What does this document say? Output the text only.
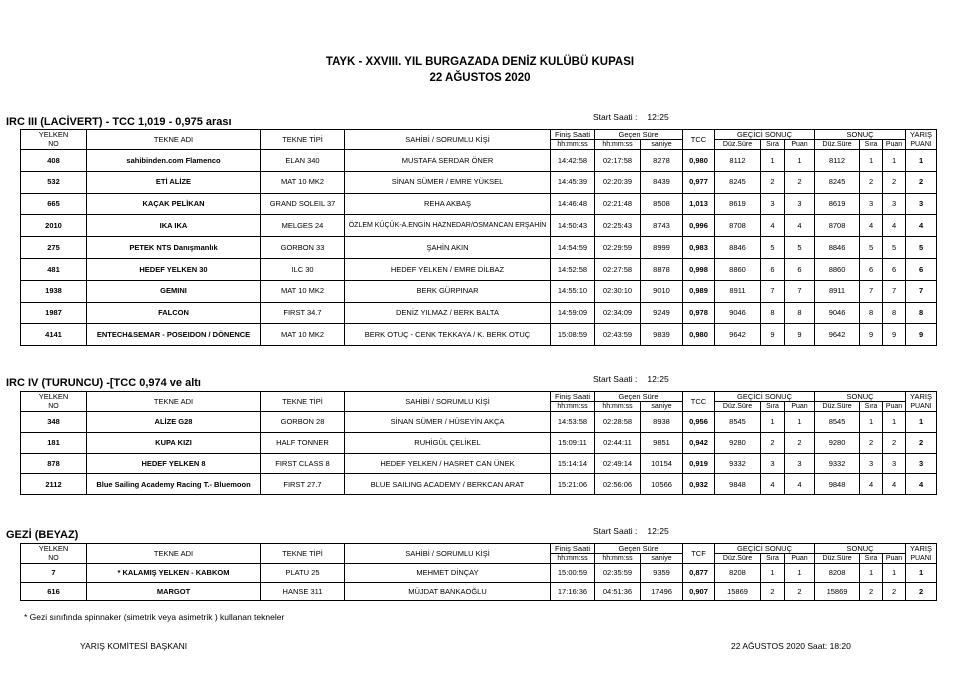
TAYK - XXVIII. YIL BURGAZADA DENİZ KULÜBÜ KUPASI
22 AĞUSTOS 2020
IRC III (LACİVERT) - TCC 1,019 - 0,975 arası	Start Saati : 12:25
YELKEN	TEKNE ADI	TEKNE TİPİ	SAHİBİ / SORUMLU KİŞİ	Finiş Saati	Geçen Süre		TCC	GEÇİCİ SONUÇ			SONUÇ			YARIŞ
NO				hh:mm:ss	hh:mm:ss	saniye		Düz.Süre	Sıra	Puan	Düz.Süre	Sıra	Puan	PUANI
408	sahibinden.com Flamenco	ELAN 340	MUSTAFA SERDAR ÖNER	14:42:58	02:17:58	8278	0,980	8112	1	1	8112	1	1	1
532	ETİ ALİZE	MAT 10 MK2	SİNAN SÜMER / EMRE YÜKSEL	14:45:39	02:20:39	8439	0,977	8245	2	2	8245	2	2	2
665	KAÇAK PELİKAN	GRAND SOLEIL 37	REHA AKBAŞ	14:46:48	02:21:48	8508	1,013	8619	3	3	8619	3	3	3
2010	IKA IKA	MELGES 24	ÖZLEM KÜÇÜK-A.ENGİN HAZNEDAR/OSMANCAN ERŞAHİN	14:50:43	02:25:43	8743	0,996	8708	4	4	8708	4	4	4
275	PETEK NTS Danışmanlık	GORBON 33	ŞAHİN AKIN	14:54:59	02:29:59	8999	0,983	8846	5	5	8846	5	5	5
481	HEDEF YELKEN 30	ILC 30	HEDEF YELKEN / EMRE DİLBAZ	14:52:58	02:27:58	8878	0,998	8860	6	6	8860	6	6	6
1938	GEMINI	MAT 10 MK2	BERK GÜRPINAR	14:55:10	02:30:10	9010	0,989	8911	7	7	8911	7	7	7
1987	FALCON	FIRST 34.7	DENİZ YILMAZ / BERK BALTA	14:59:09	02:34:09	9249	0,978	9046	8	8	9046	8	8	8
4141	ENTECH&SEMAR - POSEIDON / DÖNENCE	MAT 10 MK2	BERK OTUÇ - CENK TEKKAYA / K. BERK OTUÇ	15:08:59	02:43:59	9839	0,980	9642	9	9	9642	9	9	9
IRC IV (TURUNCU) -[TCC 0,974 ve altı	Start Saati : 12:25
YELKEN	TEKNE ADI	TEKNE TİPİ	SAHİBİ / SORUMLU KİŞİ	Finiş Saati	Geçen Süre		TCC	GEÇİCİ SONUÇ			SONUÇ			YARIŞ
NO				hh:mm:ss	hh:mm:ss	saniye		Düz.Süre	Sıra	Puan	Düz.Süre	Sıra	Puan	PUANI
348	ALİZE G28	GORBON 28	SİNAN SÜMER / HÜSEYİN AKÇA	14:53:58	02:28:58	8938	0,956	8545	1	1	8545	1	1	1
181	KUPA KIZI	HALF TONNER	RUHİGÜL ÇELİKEL	15:09:11	02:44:11	9851	0,942	9280	2	2	9280	2	2	2
878	HEDEF YELKEN 8	FIRST CLASS 8	HEDEF YELKEN / HASRET CAN ÜNEK	15:14:14	02:49:14	10154	0,919	9332	3	3	9332	3	3	3
2112	Blue Sailing Academy Racing T.- Bluemoon	FIRST 27.7	BLUE SAILING ACADEMY / BERKCAN ARAT	15:21:06	02:56:06	10566	0,932	9848	4	4	9848	4	4	4
GEZİ (BEYAZ)	Start Saati : 12:25
YELKEN	TEKNE ADI	TEKNE TİPİ	SAHİBİ / SORUMLU KİŞİ	Finiş Saati	Geçen Süre		TCF	GEÇİCİ SONUÇ			SONUÇ			YARIŞ
NO				hh:mm:ss	hh:mm:ss	saniye		Düz.Süre	Sıra	Puan	Düz.Süre	Sıra	Puan	PUANI
7	* KALAMIŞ YELKEN - KABKOM	PLATU 25	MEHMET DİNÇAY	15:00:59	02:35:59	9359	0,877	8208	1	1	8208	1	1	1
616	MARGOT	HANSE 311	MÜJDAT BANKAOĞLU	17:16:36	04:51:36	17496	0,907	15869	2	2	15869	2	2	2
* Gezi sınıfında spinnaker (simetrik veya asimetrik ) kullanan tekneler
YARIŞ KOMİTESİ BAŞKANI	22 AĞUSTOS 2020 Saat: 18:20
